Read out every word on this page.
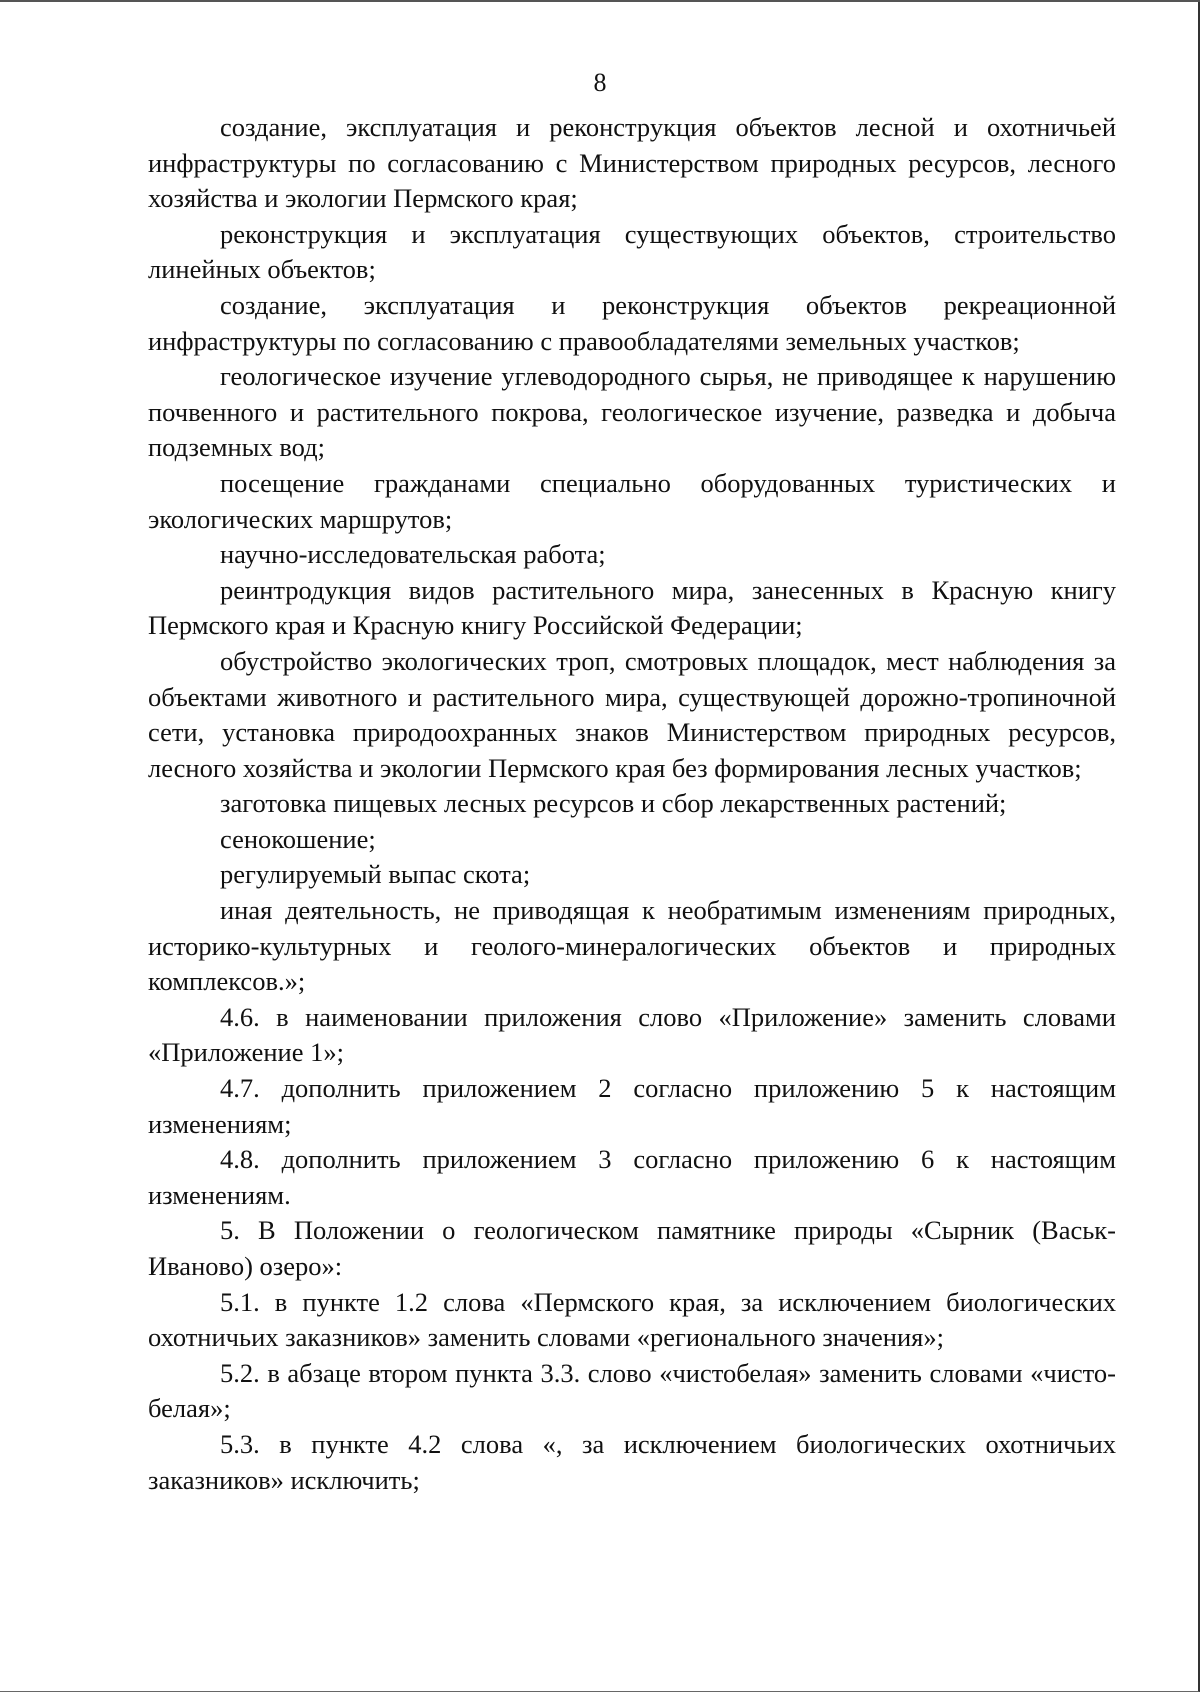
8

создание, эксплуатация и реконструкция объектов лесной и охотничьей инфраструктуры по согласованию с Министерством природных ресурсов, лесного хозяйства и экологии Пермского края;

реконструкция и эксплуатация существующих объектов, строительство линейных объектов;

создание, эксплуатация и реконструкция объектов рекреационной инфраструктуры по согласованию с правообладателями земельных участков;

геологическое изучение углеводородного сырья, не приводящее к нарушению почвенного и растительного покрова, геологическое изучение, разведка и добыча подземных вод;

посещение гражданами специально оборудованных туристических и экологических маршрутов;

научно-исследовательская работа;

реинтродукция видов растительного мира, занесенных в Красную книгу Пермского края и Красную книгу Российской Федерации;

обустройство экологических троп, смотровых площадок, мест наблюдения за объектами животного и растительного мира, существующей дорожно-тропиночной сети, установка природоохранных знаков Министерством природных ресурсов, лесного хозяйства и экологии Пермского края без формирования лесных участков;

заготовка пищевых лесных ресурсов и сбор лекарственных растений;

сенокошение;

регулируемый выпас скота;

иная деятельность, не приводящая к необратимым изменениям природных, историко-культурных и геолого-минералогических объектов и природных комплексов.»;

4.6. в наименовании приложения слово «Приложение» заменить словами «Приложение 1»;

4.7. дополнить приложением 2 согласно приложению 5 к настоящим изменениям;

4.8. дополнить приложением 3 согласно приложению 6 к настоящим изменениям.

5. В Положении о геологическом памятнике природы «Сырник (Васьк-Иваново) озеро»:

5.1. в пункте 1.2 слова «Пермского края, за исключением биологических охотничьих заказников» заменить словами «регионального значения»;

5.2. в абзаце втором пункта 3.3. слово «чистобелая» заменить словами «чисто-белая»;

5.3. в пункте 4.2 слова «, за исключением биологических охотничьих заказников» исключить;
